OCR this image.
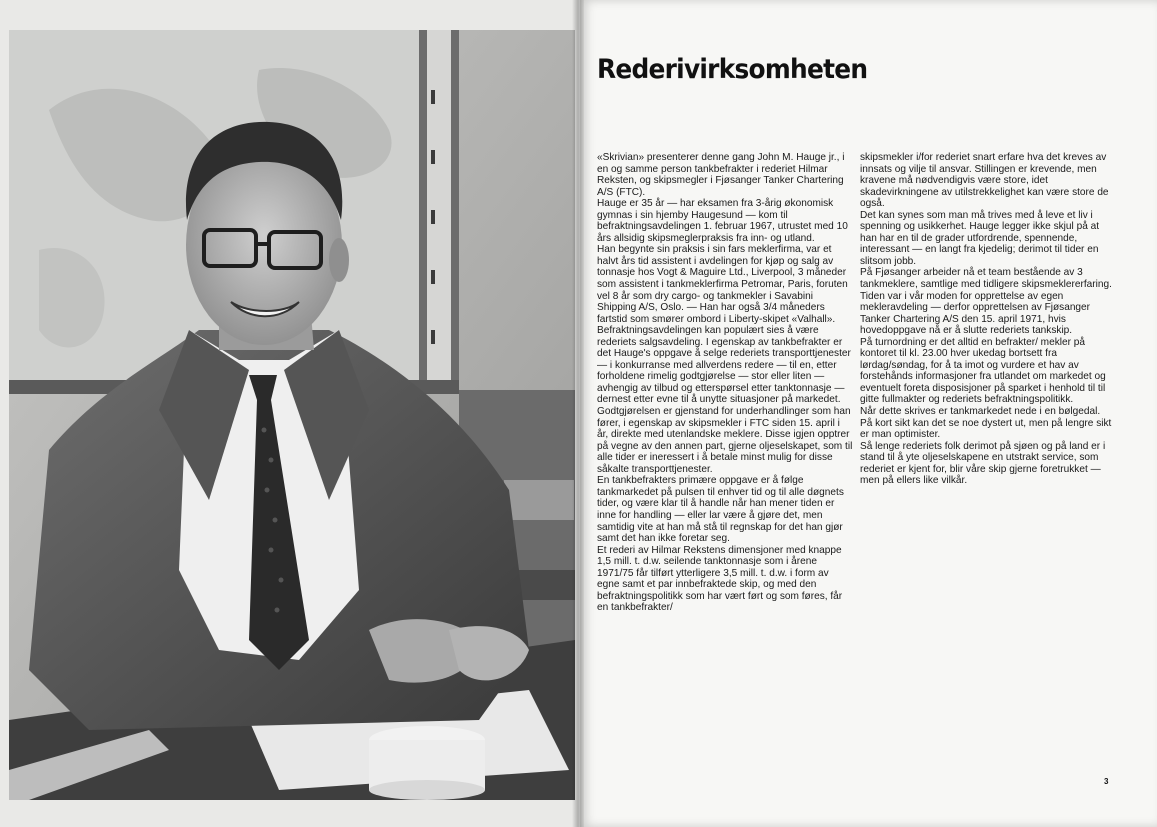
Rederivirksomheten

«Skrivian» presenterer denne gang John M. Hauge jr., i en og samme person tankbefrakter i rederiet Hilmar Reksten, og skipsmegler i Fjøsanger Tanker Chartering A/S (FTC).

Hauge er 35 år — har eksamen fra 3-årig økonomisk gymnas i sin hjemby Haugesund — kom til befraktningsavdelingen 1. februar 1967, utrustet med 10 års allsidig skipsmeglerpraksis fra inn- og utland.

Han begynte sin praksis i sin fars meklerfirma, var et halvt års tid assistent i avdelingen for kjøp og salg av tonnasje hos Vogt & Maguire Ltd., Liverpool, 3 måneder som assistent i tankmeklerfirma Petromar, Paris, foruten vel 8 år som dry cargo- og tankmekler i Savabini Shipping A/S, Oslo. — Han har også 3/4 måneders fartstid som smører ombord i Liberty-skipet «Valhall».

Befraktningsavdelingen kan populært sies å være rederiets salgsavdeling. I egenskap av tankbefrakter er det Hauge's oppgave å selge rederiets transporttjenester — i konkurranse med allverdens redere — til en, etter forholdene rimelig godtgjørelse — stor eller liten — avhengig av tilbud og etterspørsel etter tanktonnasje — dernest etter evne til å unytte situasjoner på markedet.

Godtgjørelsen er gjenstand for underhandlinger som han fører, i egenskap av skipsmekler i FTC siden 15. april i år, direkte med utenlandske meklere. Disse igjen opptrer på vegne av den annen part, gjerne oljeselskapet, som til alle tider er ineressert i å betale minst mulig for disse såkalte transporttjenester.

En tankbefrakters primære oppgave er å følge tankmarkedet på pulsen til enhver tid og til alle døgnets tider, og være klar til å handle når han mener tiden er inne for handling — eller lar være å gjøre det, men samtidig vite at han må stå til regnskap for det han gjør samt det han ikke foretar seg.

Et rederi av Hilmar Rekstens dimensjoner med knappe 1,5 mill. t. d.w. seilende tanktonnasje som i årene 1971/75 får tilført ytterligere 3,5 mill. t. d.w. i form av egne samt et par innbefraktede skip, og med den befraktningspolitikk som har vært ført og som føres, får en tankbefrakter/

skipsmekler i/for rederiet snart erfare hva det kreves av innsats og vilje til ansvar. Stillingen er krevende, men kravene må nødvendigvis være store, idet skadevirkningene av utilstrekkelighet kan være store de også.

Det kan synes som man må trives med å leve et liv i spenning og usikkerhet. Hauge legger ikke skjul på at han har en til de grader utfordrende, spennende, interessant — en langt fra kjedelig; derimot til tider en slitsom jobb.

På Fjøsanger arbeider nå et team bestående av 3 tankmeklere, samtlige med tidligere skipsmeklererfaring.

Tiden var i vår moden for opprettelse av egen mekleravdeling — derfor opprettelsen av Fjøsanger Tanker Chartering A/S den 15. april 1971, hvis hovedoppgave nå er å slutte rederiets tankskip.

På turnordning er det alltid en befrakter/ mekler på kontoret til kl. 23.00 hver ukedag bortsett fra lørdag/søndag, for å ta imot og vurdere et hav av forstehånds informasjoner fra utlandet om markedet og eventuelt foreta disposisjoner på sparket i henhold til til gitte fullmakter og rederiets befraktningspolitikk.

Når dette skrives er tankmarkedet nede i en bølgedal. På kort sikt kan det se noe dystert ut, men på lengre sikt er man optimister.

Så lenge rederiets folk derimot på sjøen og på land er i stand til å yte oljeselskapene en utstrakt service, som rederiet er kjent for, blir våre skip gjerne foretrukket — men på ellers like vilkår.

3
